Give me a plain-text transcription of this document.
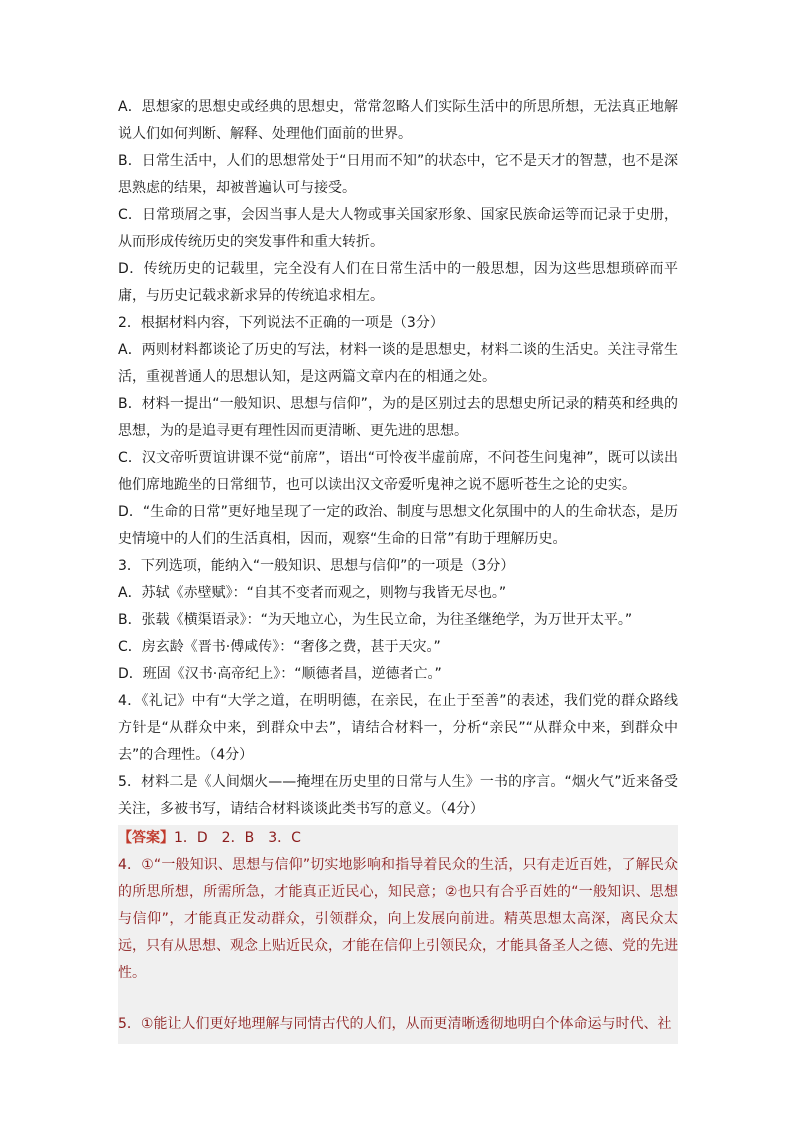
A．思想家的思想史或经典的思想史，常常忽略人们实际生活中的所思所想，无法真正地解说人们如何判断、解释、处理他们面前的世界。

B．日常生活中，人们的思想常处于“日用而不知”的状态中，它不是天才的智慧，也不是深思熟虑的结果，却被普遍认可与接受。

C．日常琐屑之事，会因当事人是大人物或事关国家形象、国家民族命运等而记录于史册，从而形成传统历史的突发事件和重大转折。

D．传统历史的记载里，完全没有人们在日常生活中的一般思想，因为这些思想琐碎而平庸，与历史记载求新求异的传统追求相左。

2．根据材料内容，下列说法不正确的一项是（3分）

A．两则材料都谈论了历史的写法，材料一谈的是思想史，材料二谈的生活史。关注寻常生活，重视普通人的思想认知，是这两篇文章内在的相通之处。

B．材料一提出“一般知识、思想与信仰”，为的是区别过去的思想史所记录的精英和经典的思想，为的是追寻更有理性因而更清晰、更先进的思想。

C．汉文帝听贾谊讲课不觉“前席”，语出“可怜夜半虚前席，不问苍生问鬼神”，既可以读出他们席地跪坐的日常细节，也可以读出汉文帝爱听鬼神之说不愿听苍生之论的史实。

D．“生命的日常”更好地呈现了一定的政治、制度与思想文化氛围中的人的生命状态，是历史情境中的人们的生活真相，因而，观察“生命的日常”有助于理解历史。

3．下列选项，能纳入“一般知识、思想与信仰”的一项是（3分）

A．苏轼《赤壁赋》：“自其不变者而观之，则物与我皆无尽也。”

B．张载《横渠语录》：“为天地立心，为生民立命，为往圣继绝学，为万世开太平。”

C．房玄龄《晋书·傅咸传》：“奢侈之费，甚于天灾。”

D．班固《汉书·高帝纪上》：“顺德者昌，逆德者亡。”

4．《礼记》中有“大学之道，在明明德，在亲民，在止于至善”的表述，我们党的群众路线方针是“从群众中来，到群众中去”，请结合材料一，分析“亲民”“从群众中来，到群众中去”的合理性。（4分）

5．材料二是《人间烟火——掩埋在历史里的日常与人生》一书的序言。“烟火气”近来备受关注，多被书写，请结合材料谈谈此类书写的意义。（4分）

【答案】1．D　2．B　3．C

4．①“一般知识、思想与信仰”切实地影响和指导着民众的生活，只有走近百姓，了解民众的所思所想，所需所急，才能真正近民心，知民意；②也只有合乎百姓的“一般知识、思想与信仰”，才能真正发动群众，引领群众，向上发展向前进。精英思想太高深，离民众太远，只有从思想、观念上贴近民众，才能在信仰上引领民众，才能具备圣人之德、党的先进性。

5．①能让人们更好地理解与同情古代的人们，从而更清晰透彻地明白个体命运与时代、社
